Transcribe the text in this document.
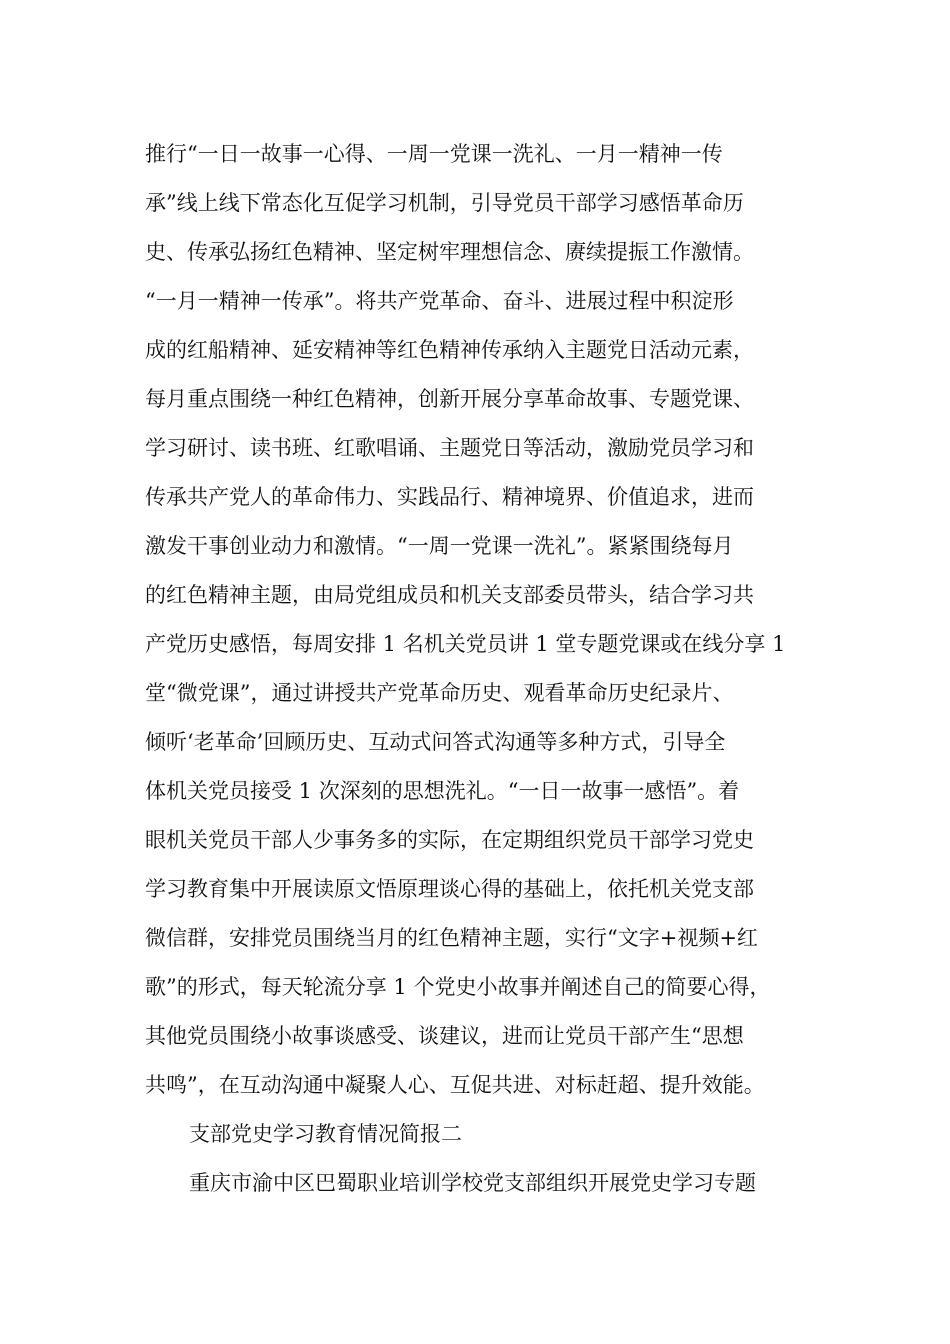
推行“一日一故事一心得、一周一党课一洗礼、一月一精神一传
承”线上线下常态化互促学习机制，引导党员干部学习感悟革命历
史、传承弘扬红色精神、坚定树牢理想信念、赓续提振工作激情。
“一月一精神一传承”。将共产党革命、奋斗、进展过程中积淀形
成的红船精神、延安精神等红色精神传承纳入主题党日活动元素，
每月重点围绕一种红色精神，创新开展分享革命故事、专题党课、
学习研讨、读书班、红歌唱诵、主题党日等活动，激励党员学习和
传承共产党人的革命伟力、实践品行、精神境界、价值追求，进而
激发干事创业动力和激情。“一周一党课一洗礼”。紧紧围绕每月
的红色精神主题，由局党组成员和机关支部委员带头，结合学习共
产党历史感悟，每周安排 1 名机关党员讲 1 堂专题党课或在线分享 1
堂“微党课”，通过讲授共产党革命历史、观看革命历史纪录片、
倾听‘老革命’回顾历史、互动式问答式沟通等多种方式，引导全
体机关党员接受 1 次深刻的思想洗礼。“一日一故事一感悟”。着
眼机关党员干部人少事务多的实际，在定期组织党员干部学习党史
学习教育集中开展读原文悟原理谈心得的基础上，依托机关党支部
微信群，安排党员围绕当月的红色精神主题，实行“文字+视频+红
歌”的形式，每天轮流分享 1 个党史小故事并阐述自己的简要心得，
其他党员围绕小故事谈感受、谈建议，进而让党员干部产生“思想
共鸣”，在互动沟通中凝聚人心、互促共进、对标赶超、提升效能。
支部党史学习教育情况简报二
重庆市渝中区巴蜀职业培训学校党支部组织开展党史学习专题
